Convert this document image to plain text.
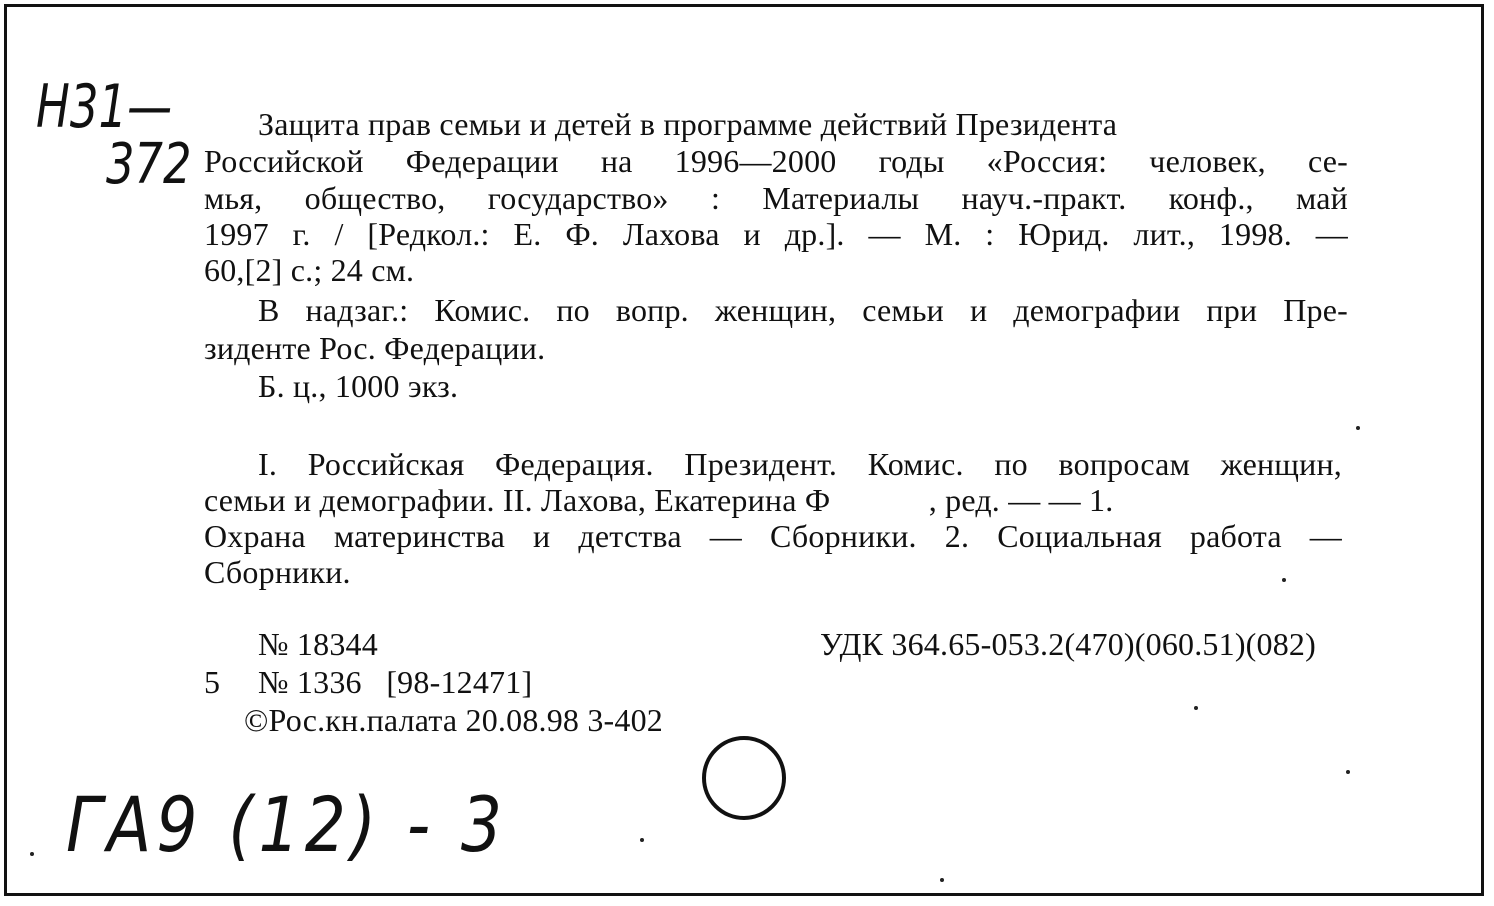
Н31—
372
Защита прав семьи и детей в программе действий Президента
Российской Федерации на 1996—2000 годы «Россия: человек, се-
мья, общество, государство» : Материалы науч.-практ. конф., май
1997 г. / [Редкол.: Е. Ф. Лахова и др.]. — М. : Юрид. лит., 1998. —
60,[2] с.; 24 см.
В надзаг.: Комис. по вопр. женщин, семьи и демографии при Пре-
зиденте Рос. Федерации.
Б. ц., 1000 экз.
I. Российская Федерация. Президент. Комис. по вопросам женщин,
семьи и демографии. II. Лахова, Екатерина Ф            , ред. — — 1.
Охрана материнства и детства — Сборники. 2. Социальная работа —
Сборники.
№ 18344	УДК 364.65-053.2(470)(060.51)(082)
5 № 1336   [98-12471]
©Рос.кн.палата 20.08.98 3-402
ГА9 (12) - 3
